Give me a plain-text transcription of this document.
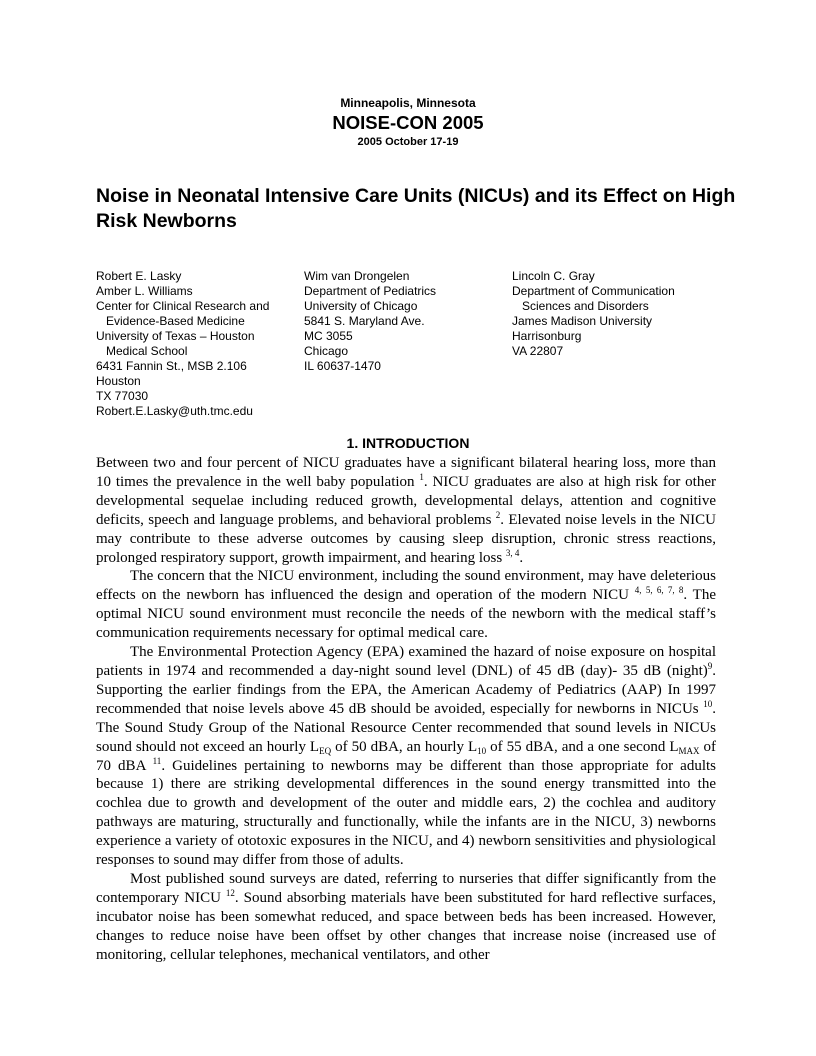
Minneapolis, Minnesota
NOISE-CON 2005
2005 October 17-19
Noise in Neonatal Intensive Care Units (NICUs) and its Effect on High Risk Newborns
Robert E. Lasky
Amber L. Williams
Center for Clinical Research and
Evidence-Based Medicine
University of Texas – Houston
Medical School
6431 Fannin St., MSB 2.106
Houston
TX 77030
Robert.E.Lasky@uth.tmc.edu
Wim van Drongelen
Department of Pediatrics
University of Chicago
5841 S. Maryland Ave.
MC 3055
Chicago
IL 60637-1470
Lincoln C. Gray
Department of Communication
Sciences and Disorders
James Madison University
Harrisonburg
VA 22807
1. INTRODUCTION

Between two and four percent of NICU graduates have a significant bilateral hearing loss, more than 10 times the prevalence in the well baby population $^1$. NICU graduates are also at high risk for other developmental sequelae including reduced growth, developmental delays, attention and cognitive deficits, speech and language problems, and behavioral problems $^2$. Elevated noise levels in the NICU may contribute to these adverse outcomes by causing sleep disruption, chronic stress reactions, prolonged respiratory support, growth impairment, and hearing loss $^{3, 4}$.

The concern that the NICU environment, including the sound environment, may have deleterious effects on the newborn has influenced the design and operation of the modern NICU $^{4, 5, 6, 7, 8}$. The optimal NICU sound environment must reconcile the needs of the newborn with the medical staff’s communication requirements necessary for optimal medical care.

The Environmental Protection Agency (EPA) examined the hazard of noise exposure on hospital patients in 1974 and recommended a day-night sound level (DNL) of 45 dB (day)- 35 dB (night)$^9$. Supporting the earlier findings from the EPA, the American Academy of Pediatrics (AAP) In 1997 recommended that noise levels above 45 dB should be avoided, especially for newborns in NICUs $^{10}$. The Sound Study Group of the National Resource Center recommended that sound levels in NICUs sound should not exceed an hourly $L_{EQ}$ of 50 dBA, an hourly $L_{10}$ of 55 dBA, and a one second $L_{MAX}$ of 70 dBA $^{11}$. Guidelines pertaining to newborns may be different than those appropriate for adults because 1) there are striking developmental differences in the sound energy transmitted into the cochlea due to growth and development of the outer and middle ears, 2) the cochlea and auditory pathways are maturing, structurally and functionally, while the infants are in the NICU, 3) newborns experience a variety of ototoxic exposures in the NICU, and 4) newborn sensitivities and physiological responses to sound may differ from those of adults.

Most published sound surveys are dated, referring to nurseries that differ significantly from the contemporary NICU $^{12}$. Sound absorbing materials have been substituted for hard reflective surfaces, incubator noise has been somewhat reduced, and space between beds has been increased. However, changes to reduce noise have been offset by other changes that increase noise (increased use of monitoring, cellular telephones, mechanical ventilators, and other
